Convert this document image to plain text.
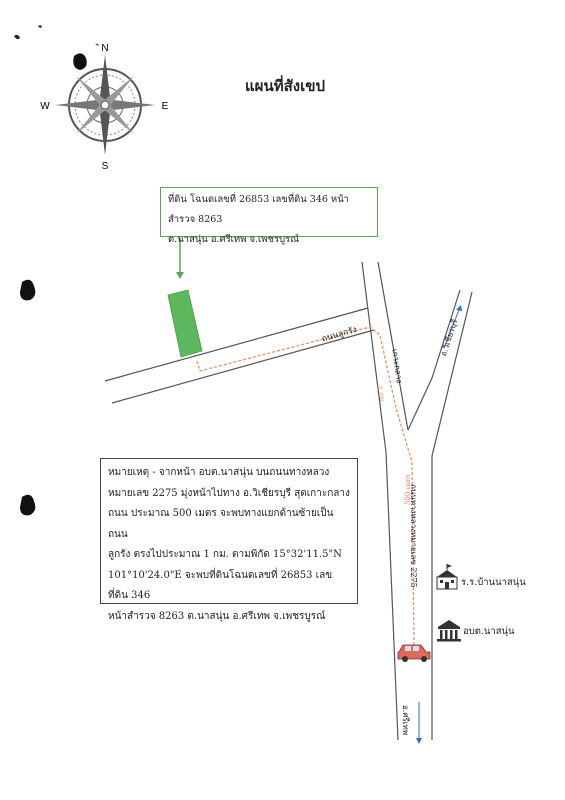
แผนที่สังเขป
N
S
E
W
ที่ดิน โฉนดเลขที่ 26853 เลขที่ดิน 346 หน้าสำรวจ 8263
ต.นาสนุ่น อ.ศรีเทพ จ.เพชรบูรณ์
ถนนลูกรัง
ถนนทางหลวงหมายเลข 2275
เกาะกลาง
อ.วิเชียรบุรี
อ.ศรีเทพ
1 กม.
500 เมตร
ร.ร.บ้านนาสนุ่น
อบต.นาสนุ่น
หมายเหตุ - จากหน้า อบต.นาสนุ่น บนถนนทางหลวง
หมายเลข 2275 มุ่งหน้าไปทาง อ.วิเชียรบุรี สุดเกาะกลาง
ถนน ประมาณ 500 เมตร จะพบทางแยกด้านซ้ายเป็นถนน
ลูกรัง ตรงไปประมาณ 1 กม. ตามพิกัด 15°32'11.5"N
101°10'24.0"E จะพบที่ดินโฉนดเลขที่ 26853 เลขที่ดิน 346
หน้าสำรวจ 8263 ต.นาสนุ่น อ.ศรีเทพ จ.เพชรบูรณ์
